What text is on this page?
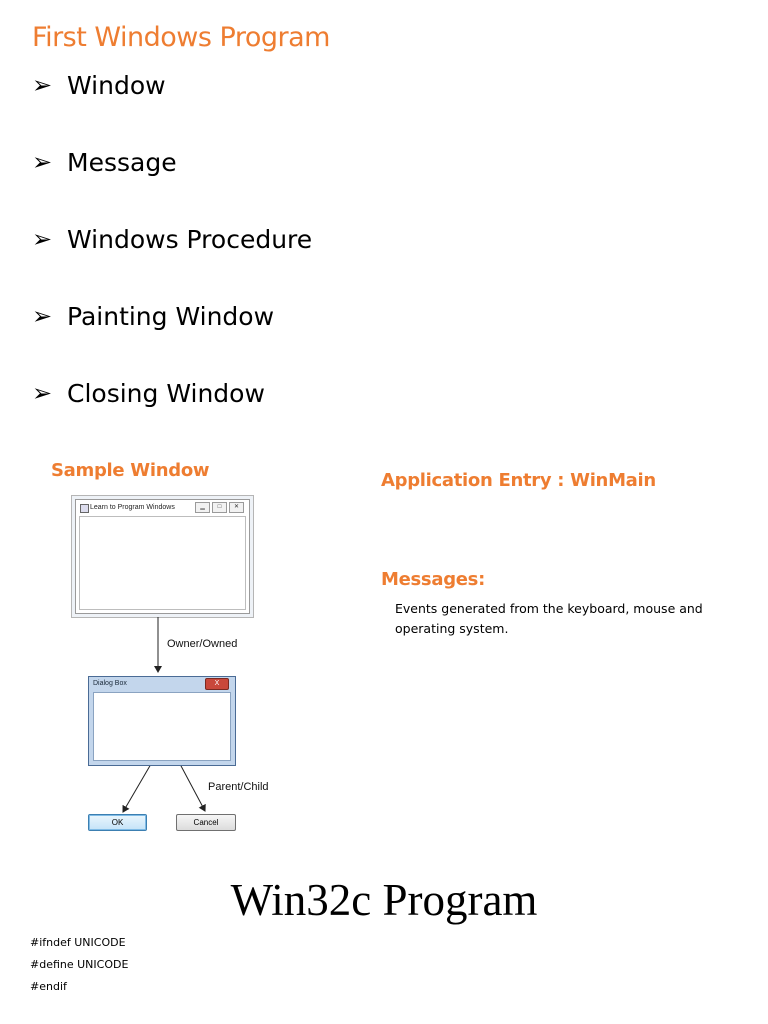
First Windows Program
➢ Window
➢ Message
➢ Windows Procedure
➢ Painting Window
➢ Closing Window
Sample Window	Application Entry : WinMain
Messages:
Events generated from the keyboard, mouse and operating system.
Learn to Program Windows	▁	□	✕
Owner/Owned
Dialog Box	X
Parent/Child
OK	Cancel
Win32c Program
#ifndef UNICODE
#define UNICODE
#endif
